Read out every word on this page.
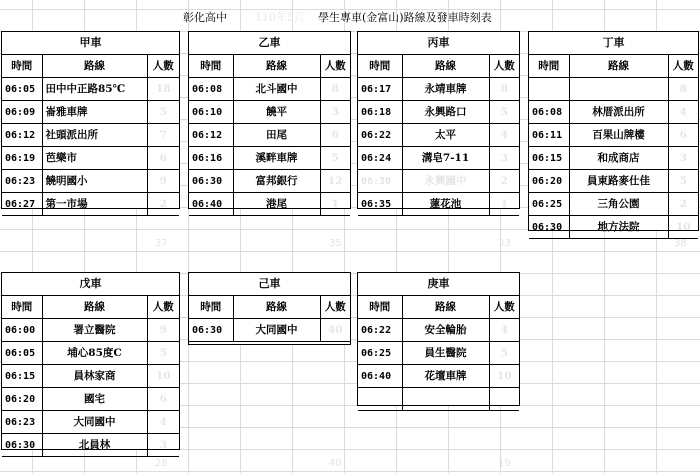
彰化高中	110年5月 學生專車(金富山)路線及發車時刻表
甲車
時間	路線	人數
06:05	田中中正路85℃	18
06:09	崙雅車牌	5
06:12	社頭派出所	7
06:19	芭樂市	6
06:23	饒明國小	9
06:27	第一市場	2
乙車
時間	路線	人數
06:08	北斗國中	8
06:10	饒平	3
06:12	田尾	6
06:16	溪畔車牌	5
06:30	富邦銀行	12
06:40	港尾	1
丙車
時間	路線	人數
06:17	永靖車牌	8
06:18	永興路口	5
06:22	太平	4
06:24	溝皂7-11	3
06:30	永興國中	2
06:35	蓮花池	1
丁車
時間	路線	人數
		8
06:08	林厝派出所	4
06:11	百果山牌樓	6
06:15	和成商店	3
06:20	員東路麥仕佳	5
06:25	三角公園	2
06:30	地方法院	10
戊車
時間	路線	人數
06:00	署立醫院	9
06:05	埔心85度C	5
06:15	員林家商	10
06:20	國宅	6
06:23	大同國中	4
06:30	北員林	3
己車
時間	路線	人數
06:30	大同國中	40
庚車
時間	路線	人數
06:22	安全輪胎	4
06:25	員生醫院	5
06:40	花壇車牌	10

37	35	33	38
28	40	19
